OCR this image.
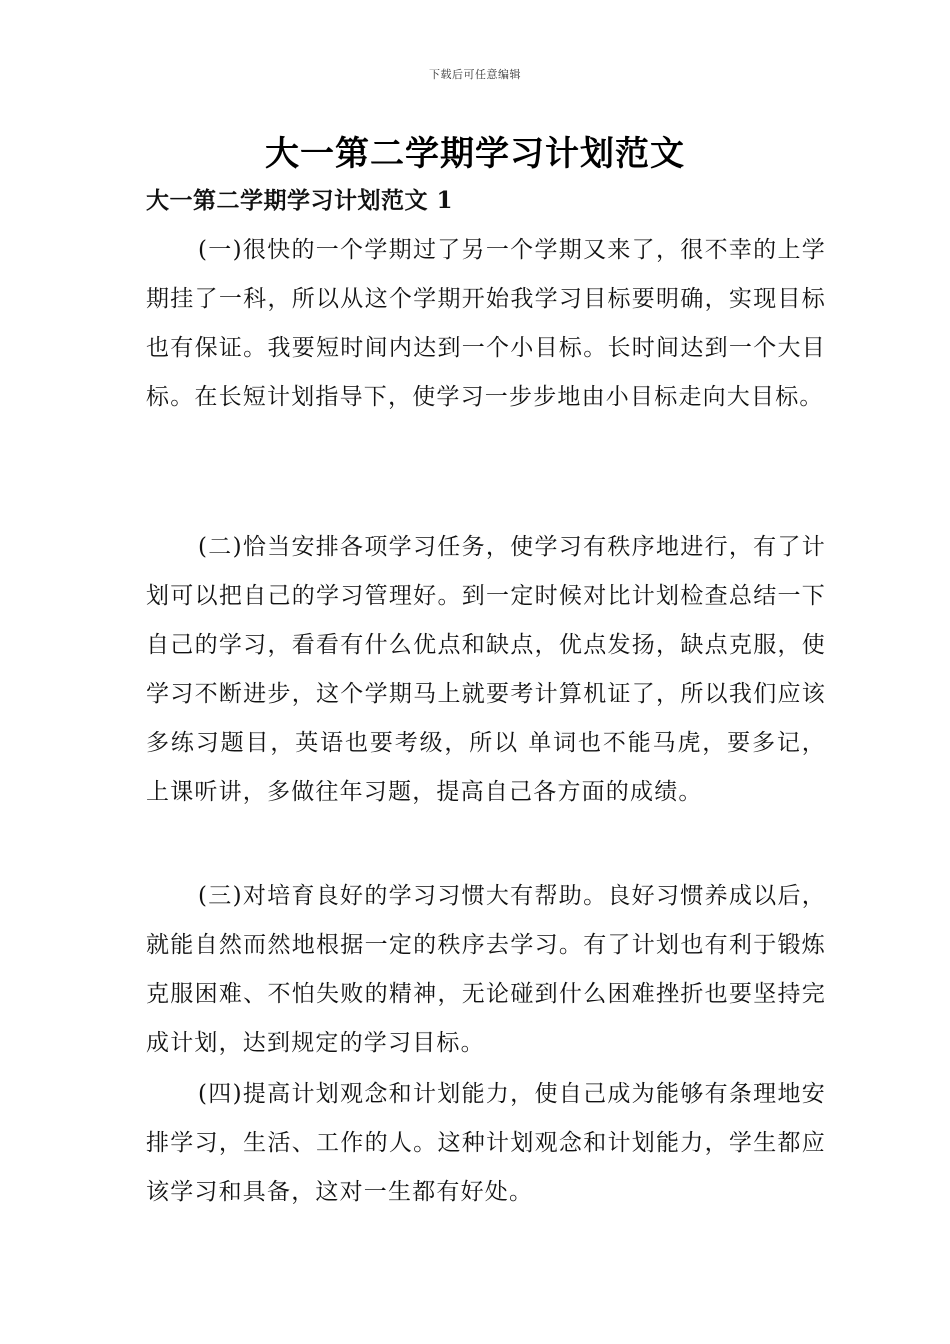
下载后可任意编辑
大一第二学期学习计划范文
大一第二学期学习计划范文 1

(一)很快的一个学期过了另一个学期又来了，很不幸的上学期挂了一科，所以从这个学期开始我学习目标要明确，实现目标也有保证。我要短时间内达到一个小目标。长时间达到一个大目标。在长短计划指导下，使学习一步步地由小目标走向大目标。

(二)恰当安排各项学习任务，使学习有秩序地进行，有了计划可以把自己的学习管理好。到一定时候对比计划检查总结一下自己的学习，看看有什么优点和缺点，优点发扬，缺点克服，使学习不断进步，这个学期马上就要考计算机证了，所以我们应该多练习题目，英语也要考级，所以 单词也不能马虎，要多记，上课听讲，多做往年习题，提高自己各方面的成绩。

(三)对培育良好的学习习惯大有帮助。良好习惯养成以后，就能自然而然地根据一定的秩序去学习。有了计划也有利于锻炼克服困难、不怕失败的精神，无论碰到什么困难挫折也要坚持完成计划，达到规定的学习目标。

(四)提高计划观念和计划能力，使自己成为能够有条理地安排学习，生活、工作的人。这种计划观念和计划能力，学生都应该学习和具备，这对一生都有好处。
